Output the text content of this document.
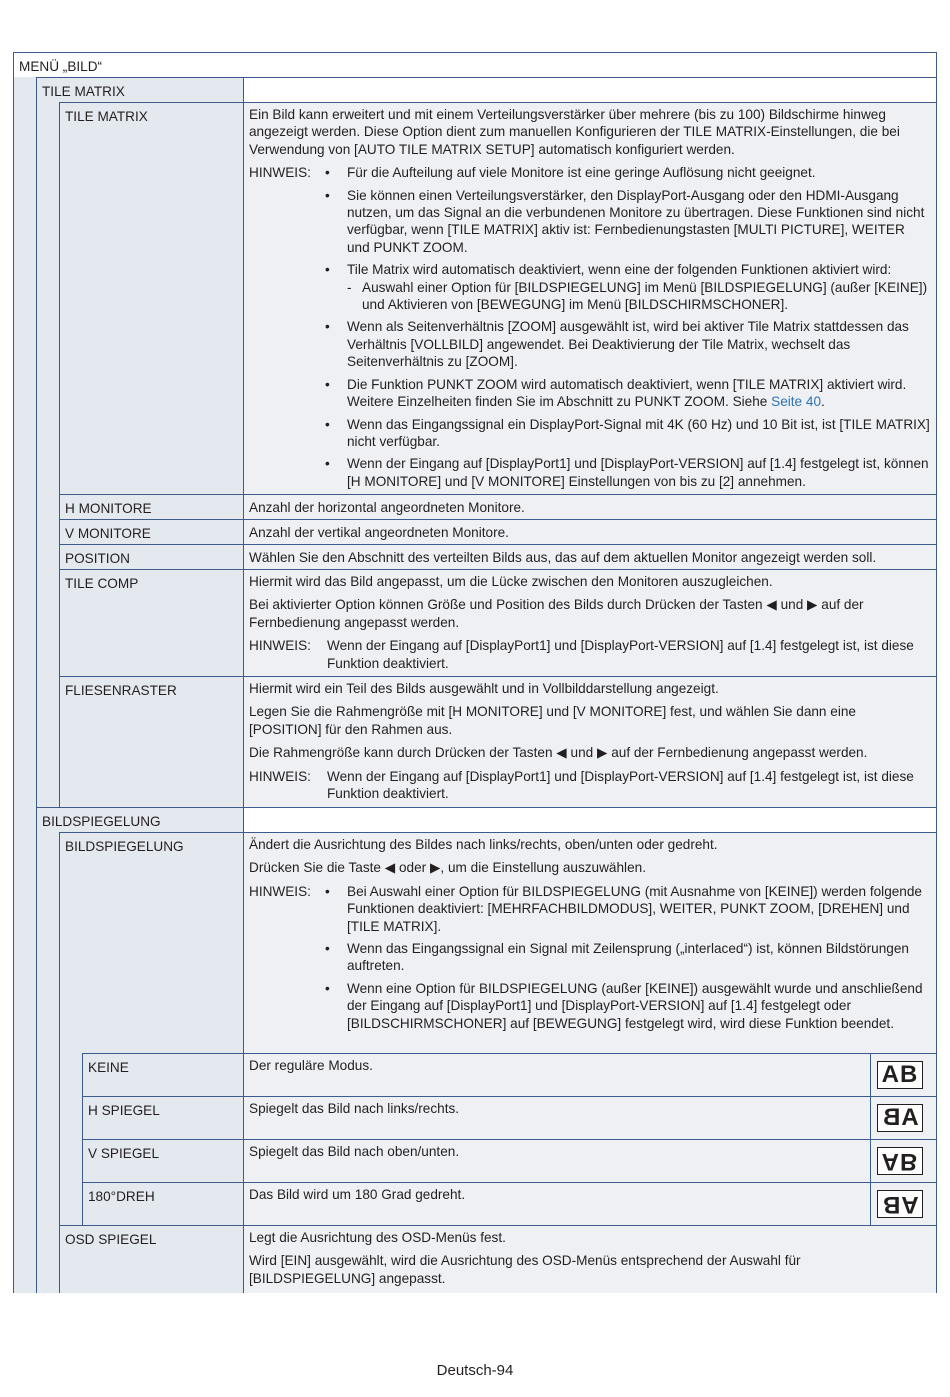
MENÜ „BILD“
TILE MATRIX
TILE MATRIX	Ein Bild kann erweitert und mit einem Verteilungsverstärker über mehrere (bis zu 100) Bildschirme hinweg angezeigt werden. Diese Option dient zum manuellen Konfigurieren der TILE MATRIX-Einstellungen, die bei Verwendung von [AUTO TILE MATRIX SETUP] automatisch konfiguriert werden.

HINWEIS: • Für die Aufteilung auf viele Monitore ist eine geringe Auflösung nicht geeignet.
• Sie können einen Verteilungsverstärker, den DisplayPort-Ausgang oder den HDMI-Ausgang nutzen, um das Signal an die verbundenen Monitore zu übertragen. Diese Funktionen sind nicht verfügbar, wenn [TILE MATRIX] aktiv ist: Fernbedienungstasten [MULTI PICTURE], WEITER und PUNKT ZOOM.
• Tile Matrix wird automatisch deaktiviert, wenn eine der folgenden Funktionen aktiviert wird:
- Auswahl einer Option für [BILDSPIEGELUNG] im Menü [BILDSPIEGELUNG] (außer [KEINE]) und Aktivieren von [BEWEGUNG] im Menü [BILDSCHIRMSCHONER].
• Wenn als Seitenverhältnis [ZOOM] ausgewählt ist, wird bei aktiver Tile Matrix stattdessen das Verhältnis [VOLLBILD] angewendet. Bei Deaktivierung der Tile Matrix, wechselt das Seitenverhältnis zu [ZOOM].
• Die Funktion PUNKT ZOOM wird automatisch deaktiviert, wenn [TILE MATRIX] aktiviert wird. Weitere Einzelheiten finden Sie im Abschnitt zu PUNKT ZOOM. Siehe Seite 40.
• Wenn das Eingangssignal ein DisplayPort-Signal mit 4K (60 Hz) und 10 Bit ist, ist [TILE MATRIX] nicht verfügbar.
• Wenn der Eingang auf [DisplayPort1] und [DisplayPort-VERSION] auf [1.4] festgelegt ist, können [H MONITORE] und [V MONITORE] Einstellungen von bis zu [2] annehmen.
H MONITORE	Anzahl der horizontal angeordneten Monitore.
V MONITORE	Anzahl der vertikal angeordneten Monitore.
POSITION	Wählen Sie den Abschnitt des verteilten Bilds aus, das auf dem aktuellen Monitor angezeigt werden soll.
TILE COMP	Hiermit wird das Bild angepasst, um die Lücke zwischen den Monitoren auszugleichen.

Bei aktivierter Option können Größe und Position des Bilds durch Drücken der Tasten ◀ und ▶ auf der Fernbedienung angepasst werden.

HINWEIS:	Wenn der Eingang auf [DisplayPort1] und [DisplayPort-VERSION] auf [1.4] festgelegt ist, ist diese Funktion deaktiviert.
FLIESENRASTER	Hiermit wird ein Teil des Bilds ausgewählt und in Vollbilddarstellung angezeigt.

Legen Sie die Rahmengröße mit [H MONITORE] und [V MONITORE] fest, und wählen Sie dann eine [POSITION] für den Rahmen aus.

Die Rahmengröße kann durch Drücken der Tasten ◀ und ▶ auf der Fernbedienung angepasst werden.

HINWEIS:	Wenn der Eingang auf [DisplayPort1] und [DisplayPort-VERSION] auf [1.4] festgelegt ist, ist diese Funktion deaktiviert.
BILDSPIEGELUNG
BILDSPIEGELUNG	Ändert die Ausrichtung des Bildes nach links/rechts, oben/unten oder gedreht.

Drücken Sie die Taste ◀ oder ▶, um die Einstellung auszuwählen.

HINWEIS: • Bei Auswahl einer Option für BILDSPIEGELUNG (mit Ausnahme von [KEINE]) werden folgende Funktionen deaktiviert: [MEHRFACHBILDMODUS], WEITER, PUNKT ZOOM, [DREHEN] und [TILE MATRIX].
• Wenn das Eingangssignal ein Signal mit Zeilensprung („interlaced“) ist, können Bildstörungen auftreten.
• Wenn eine Option für BILDSPIEGELUNG (außer [KEINE]) ausgewählt wurde und anschließend der Eingang auf [DisplayPort1] und [DisplayPort-VERSION] auf [1.4] festgelegt oder [BILDSCHIRMSCHONER] auf [BEWEGUNG] festgelegt wird, wird diese Funktion beendet.
KEINE	Der reguläre Modus.	AB
H SPIEGEL	Spiegelt das Bild nach links/rechts.	AB
V SPIEGEL	Spiegelt das Bild nach oben/unten.	AB
180°DREH	Das Bild wird um 180 Grad gedreht.	AB
OSD SPIEGEL	Legt die Ausrichtung des OSD-Menüs fest.

Wird [EIN] ausgewählt, wird die Ausrichtung des OSD-Menüs entsprechend der Auswahl für [BILDSPIEGELUNG] angepasst.

Deutsch-94
